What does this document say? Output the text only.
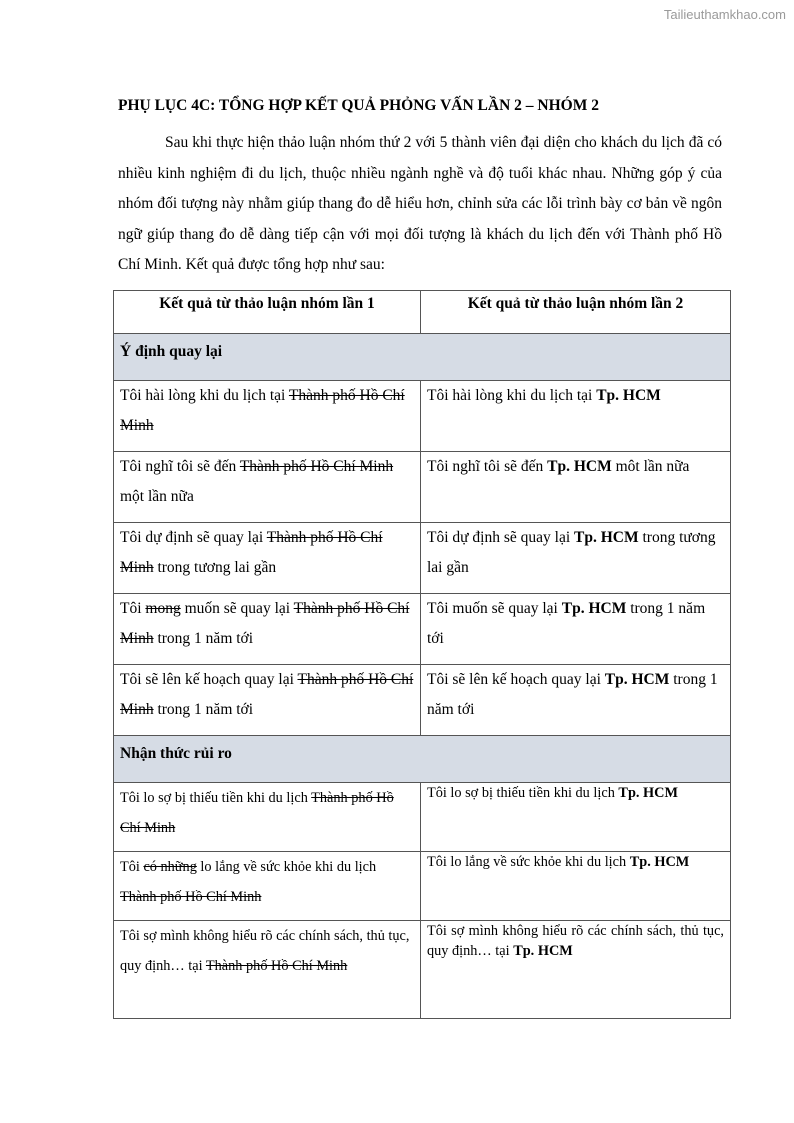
Tailieuthamkhao.com
PHỤ LỤC 4C: TỔNG HỢP KẾT QUẢ PHỎNG VẤN LẦN 2 – NHÓM 2

Sau khi thực hiện thảo luận nhóm thứ 2 với 5 thành viên đại diện cho khách du lịch đã có nhiều kinh nghiệm đi du lịch, thuộc nhiều ngành nghề và độ tuổi khác nhau. Những góp ý của nhóm đối tượng này nhằm giúp thang đo dễ hiểu hơn, chỉnh sửa các lỗi trình bày cơ bản về ngôn ngữ giúp thang đo dễ dàng tiếp cận với mọi đối tượng là khách du lịch đến với Thành phố Hồ Chí Minh. Kết quả được tổng hợp như sau:

Kết quả từ thảo luận nhóm lần 1	Kết quả từ thảo luận nhóm lần 2
Ý định quay lại	
Tôi hài lòng khi du lịch tại Thành phố Hồ Chí Minh	Tôi hài lòng khi du lịch tại Tp. HCM
Tôi nghĩ tôi sẽ đến Thành phố Hồ Chí Minh một lần nữa	Tôi nghĩ tôi sẽ đến Tp. HCM môt lần nữa
Tôi dự định sẽ quay lại Thành phố Hồ Chí Minh trong tương lai gần	Tôi dự định sẽ quay lại Tp. HCM trong tương lai gần
Tôi mong muốn sẽ quay lại Thành phố Hồ Chí Minh trong 1 năm tới	Tôi muốn sẽ quay lại Tp. HCM trong 1 năm tới
Tôi sẽ lên kế hoạch quay lại Thành phố Hồ Chí Minh trong 1 năm tới	Tôi sẽ lên kế hoạch quay lại Tp. HCM trong 1 năm tới
Nhận thức rủi ro	
Tôi lo sợ bị thiếu tiền khi du lịch Thành phố Hồ Chí Minh	Tôi lo sợ bị thiếu tiền khi du lịch Tp. HCM
Tôi có những lo lắng về sức khỏe khi du lịch Thành phố Hồ Chí Minh	Tôi lo lắng về sức khỏe khi du lịch Tp. HCM
Tôi sợ mình không hiểu rõ các chính sách, thủ tục, quy định… tại Thành phố Hồ Chí Minh	Tôi sợ mình không hiểu rõ các chính sách, thủ tục, quy định… tại Tp. HCM
